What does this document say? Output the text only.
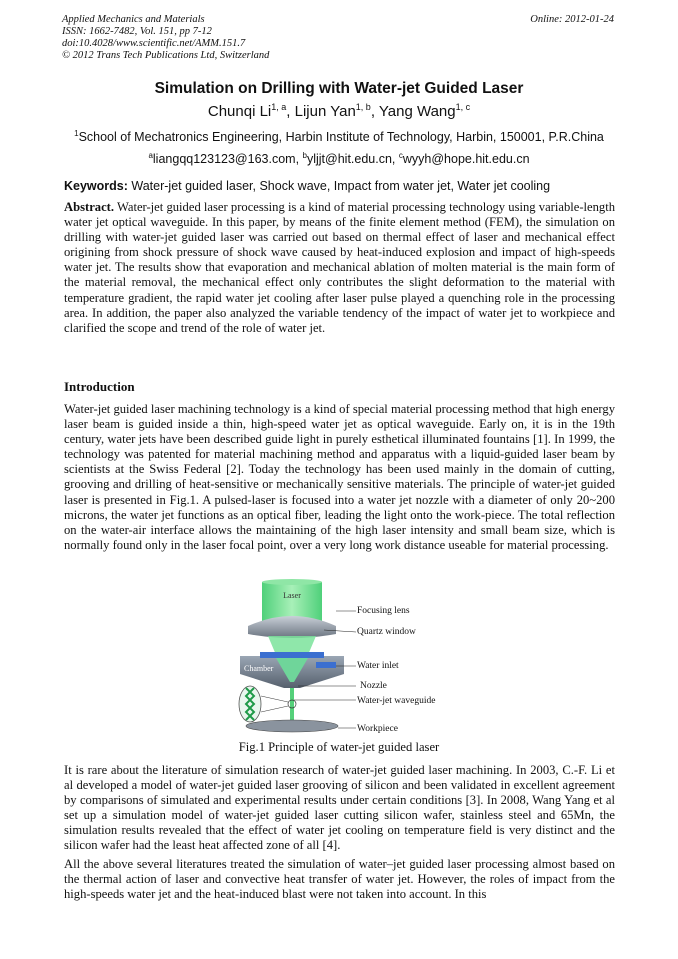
Applied Mechanics and Materials
ISSN: 1662-7482, Vol. 151, pp 7-12
doi:10.4028/www.scientific.net/AMM.151.7
© 2012 Trans Tech Publications Ltd, Switzerland
Online: 2012-01-24
Simulation on Drilling with Water-jet Guided Laser
Chunqi Li$^{1, a}$, Lijun Yan$^{1, b}$, Yang Wang$^{1, c}$
$^1$School of Mechatronics Engineering, Harbin Institute of Technology, Harbin, 150001, P.R.China
$^a$liangqq123123@163.com, $^b$yljjt@hit.edu.cn, $^c$wyyh@hope.hit.edu.cn
Keywords: Water-jet guided laser, Shock wave, Impact from water jet, Water jet cooling

Abstract. Water-jet guided laser processing is a kind of material processing technology using variable-length water jet optical waveguide. In this paper, by means of the finite element method (FEM), the simulation on drilling with water-jet guided laser was carried out based on thermal effect of laser and mechanical effect origining from shock pressure of shock wave caused by heat-induced explosion and impact of high-speeds water jet. The results show that evaporation and mechanical ablation of molten material is the main form of the material removal, the mechanical effect only contributes the slight deformation to the material with temperature gradient, the rapid water jet cooling after laser pulse played a quenching role in the processing area. In addition, the paper also analyzed the variable tendency of the impact of water jet to workpiece and clarified the scope and trend of the role of water jet.

Introduction

Water-jet guided laser machining technology is a kind of special material processing method that high energy laser beam is guided inside a thin, high-speed water jet as optical waveguide. Early on, it is in the 19th century, water jets have been described guide light in purely esthetical illuminated fountains [1]. In 1999, the technology was patented for material machining method and apparatus with a liquid-guided laser beam by scientists at the Swiss Federal [2]. Today the technology has been used mainly in the domain of cutting, grooving and drilling of heat-sensitive or mechanically sensitive materials. The principle of water-jet guided laser is presented in Fig.1. A pulsed-laser is focused into a water jet nozzle with a diameter of only 20~200 microns, the water jet functions as an optical fiber, leading the light onto the work-piece. The total reflection on the water-air interface allows the maintaining of the high laser intensity and small beam size, which is normally found only in the laser focal point, over a very long work distance useable for material processing.

Laser
Chamber
Focusing lens
Quartz window
Water inlet
Nozzle
Water-jet waveguide
Workpiece
Fig.1 Principle of water-jet guided laser

It is rare about the literature of simulation research of water-jet guided laser machining. In 2003, C.-F. Li et al developed a model of water-jet guided laser grooving of silicon and been validated in excellent agreement by comparisons of simulated and experimental results under certain conditions [3]. In 2008, Wang Yang et al set up a simulation model of water-jet guided laser cutting silicon wafer, stainless steel and 65Mn, the simulation results revealed that the effect of water jet cooling on temperature field is very distinct and the silicon wafer had the least heat affected zone of all [4].

All the above several literatures treated the simulation of water–jet guided laser processing almost based on the thermal action of laser and convective heat transfer of water jet. However, the roles of impact from the high-speeds water jet and the heat-induced blast were not taken into account. In this
